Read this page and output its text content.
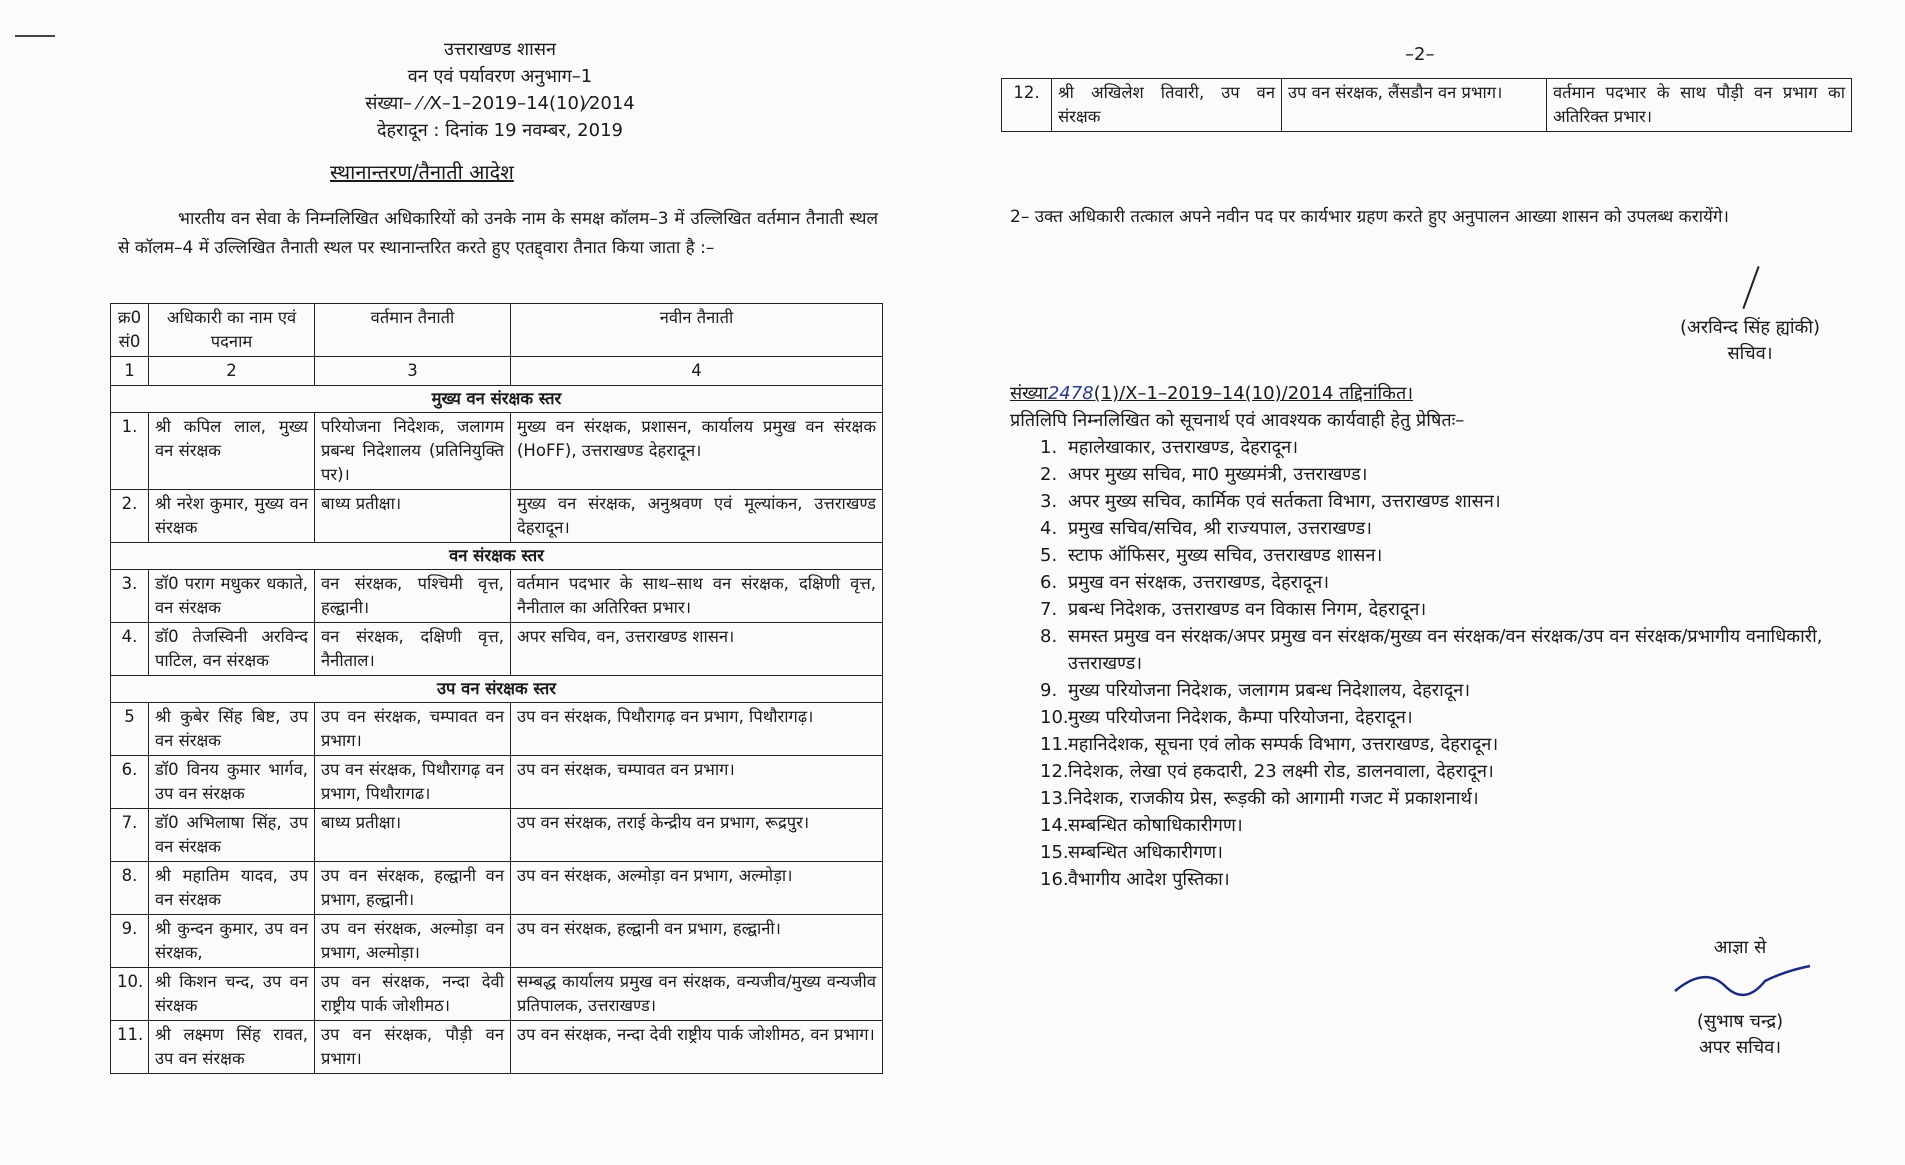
उत्तराखण्ड शासन
वन एवं पर्यावरण अनुभाग–1
संख्या– ⁄ ⁄X–1–2019–14(10)⁄2014
देहरादून : दिनांक 19 नवम्बर, 2019
स्थानान्तरण/तैनाती आदेश
भारतीय वन सेवा के निम्नलिखित अधिकारियों को उनके नाम के समक्ष कॉलम–3 में उल्लिखित वर्तमान तैनाती स्थल से कॉलम–4 में उल्लिखित तैनाती स्थल पर स्थानान्तरित करते हुए एतद्द्वारा तैनात किया जाता है :–
क्र0 सं0	अधिकारी का नाम एवं पदनाम	वर्तमान तैनाती	नवीन तैनाती
1	2	3	4
मुख्य वन संरक्षक स्तर			
1.	श्री कपिल लाल, मुख्य वन संरक्षक	परियोजना निदेशक, जलागम प्रबन्ध निदेशालय (प्रतिनियुक्ति पर)।	मुख्य वन संरक्षक, प्रशासन, कार्यालय प्रमुख वन संरक्षक (HoFF), उत्तराखण्ड देहरादून।
2.	श्री नरेश कुमार, मुख्य वन संरक्षक	बाध्य प्रतीक्षा।	मुख्य वन संरक्षक, अनुश्रवण एवं मूल्यांकन, उत्तराखण्ड देहरादून।
वन संरक्षक स्तर			
3.	डॉ0 पराग मधुकर धकाते, वन संरक्षक	वन संरक्षक, पश्चिमी वृत्त, हल्द्वानी।	वर्तमान पदभार के साथ–साथ वन संरक्षक, दक्षिणी वृत्त, नैनीताल का अतिरिक्त प्रभार।
4.	डॉ0 तेजस्विनी अरविन्द पाटिल, वन संरक्षक	वन संरक्षक, दक्षिणी वृत्त, नैनीताल।	अपर सचिव, वन, उत्तराखण्ड शासन।
उप वन संरक्षक स्तर			
5	श्री कुबेर सिंह बिष्ट, उप वन संरक्षक	उप वन संरक्षक, चम्पावत वन प्रभाग।	उप वन संरक्षक, पिथौरागढ़ वन प्रभाग, पिथौरागढ़।
6.	डॉ0 विनय कुमार भार्गव, उप वन संरक्षक	उप वन संरक्षक, पिथौरागढ़ वन प्रभाग, पिथौरागढ।	उप वन संरक्षक, चम्पावत वन प्रभाग।
7.	डॉ0 अभिलाषा सिंह, उप वन संरक्षक	बाध्य प्रतीक्षा।	उप वन संरक्षक, तराई केन्द्रीय वन प्रभाग, रूद्रपुर।
8.	श्री महातिम यादव, उप वन संरक्षक	उप वन संरक्षक, हल्द्वानी वन प्रभाग, हल्द्वानी।	उप वन संरक्षक, अल्मोड़ा वन प्रभाग, अल्मोड़ा।
9.	श्री कुन्दन कुमार, उप वन संरक्षक,	उप वन संरक्षक, अल्मोड़ा वन प्रभाग, अल्मोड़ा।	उप वन संरक्षक, हल्द्वानी वन प्रभाग, हल्द्वानी।
10.	श्री किशन चन्द, उप वन संरक्षक	उप वन संरक्षक, नन्दा देवी राष्ट्रीय पार्क जोशीमठ।	सम्बद्ध कार्यालय प्रमुख वन संरक्षक, वन्यजीव/मुख्य वन्यजीव प्रतिपालक, उत्तराखण्ड।
11.	श्री लक्ष्मण सिंह रावत, उप वन संरक्षक	उप वन संरक्षक, पौड़ी वन प्रभाग।	उप वन संरक्षक, नन्दा देवी राष्ट्रीय पार्क जोशीमठ, वन प्रभाग।
–2–
12.	श्री अखिलेश तिवारी, उप वन संरक्षक	उप वन संरक्षक, लैंसडौन वन प्रभाग।	वर्तमान पदभार के साथ पौड़ी वन प्रभाग का अतिरिक्त प्रभार।
2– उक्त अधिकारी तत्काल अपने नवीन पद पर कार्यभार ग्रहण करते हुए अनुपालन आख्या शासन को उपलब्ध करायेंगे।
(अरविन्द सिंह ह्यांकी)
सचिव।
संख्या2478(1)/X–1–2019–14(10)/2014 तद्दिनांकित।
प्रतिलिपि निम्नलिखित को सूचनार्थ एवं आवश्यक कार्यवाही हेतु प्रेषितः–
1. महालेखाकार, उत्तराखण्ड, देहरादून।
2. अपर मुख्य सचिव, मा0 मुख्यमंत्री, उत्तराखण्ड।
3. अपर मुख्य सचिव, कार्मिक एवं सर्तकता विभाग, उत्तराखण्ड शासन।
4. प्रमुख सचिव/सचिव, श्री राज्यपाल, उत्तराखण्ड।
5. स्टाफ ऑफिसर, मुख्य सचिव, उत्तराखण्ड शासन।
6. प्रमुख वन संरक्षक, उत्तराखण्ड, देहरादून।
7. प्रबन्ध निदेशक, उत्तराखण्ड वन विकास निगम, देहरादून।
8. समस्त प्रमुख वन संरक्षक/अपर प्रमुख वन संरक्षक/मुख्य वन संरक्षक/वन संरक्षक/उप वन संरक्षक/प्रभागीय वनाधिकारी, उत्तराखण्ड।
9. मुख्य परियोजना निदेशक, जलागम प्रबन्ध निदेशालय, देहरादून।
10. मुख्य परियोजना निदेशक, कैम्पा परियोजना, देहरादून।
11. महानिदेशक, सूचना एवं लोक सम्पर्क विभाग, उत्तराखण्ड, देहरादून।
12. निदेशक, लेखा एवं हकदारी, 23 लक्ष्मी रोड, डालनवाला, देहरादून।
13. निदेशक, राजकीय प्रेस, रूड़की को आगामी गजट में प्रकाशनार्थ।
14. सम्बन्धित कोषाधिकारीगण।
15. सम्बन्धित अधिकारीगण।
16. वैभागीय आदेश पुस्तिका।
आज्ञा से
(सुभाष चन्द्र)
अपर सचिव।
